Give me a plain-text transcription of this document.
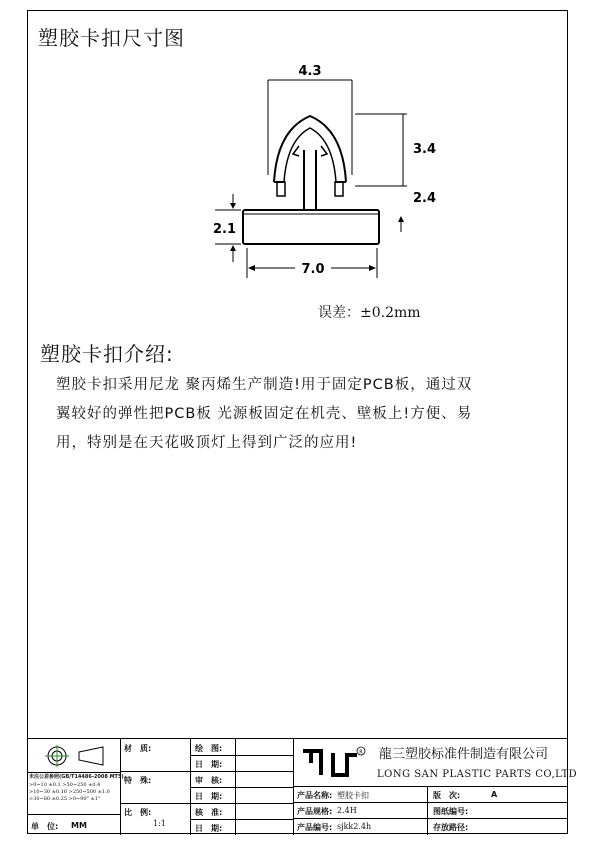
塑胶卡扣尺寸图
4.3
3.4
2.4
2.1
7.0
误差：±0.2mm
塑胶卡扣介绍:

塑胶卡扣采用尼龙 聚丙烯生产制造!用于固定PCB板，通过双

翼较好的弹性把PCB板 光源板固定在机壳、壁板上!方便、易

用，特别是在天花吸顶灯上得到广泛的应用!

未注公差参照(GB/T14486-2008 MT5)
>0~10 ±0.1 >50~250 ±0.4
>10~30 ±0.16 >250~500 ±1.0
>30~80 ±0.25 >0~90° ±1°
单　位: MM
材　质:
特　殊:
比　例:
1:1
绘　图:
日　期:
审　核:
日　期:
核　准:
日　期:
R 龍三塑胶标准件制造有限公司
LONG SAN PLASTIC PARTS CO,LTD
产品名称: 塑胶卡扣
产品规格: 2.4H
产品编号: sjkk2.4h
版　次:	A
图纸编号:
存放路径:
